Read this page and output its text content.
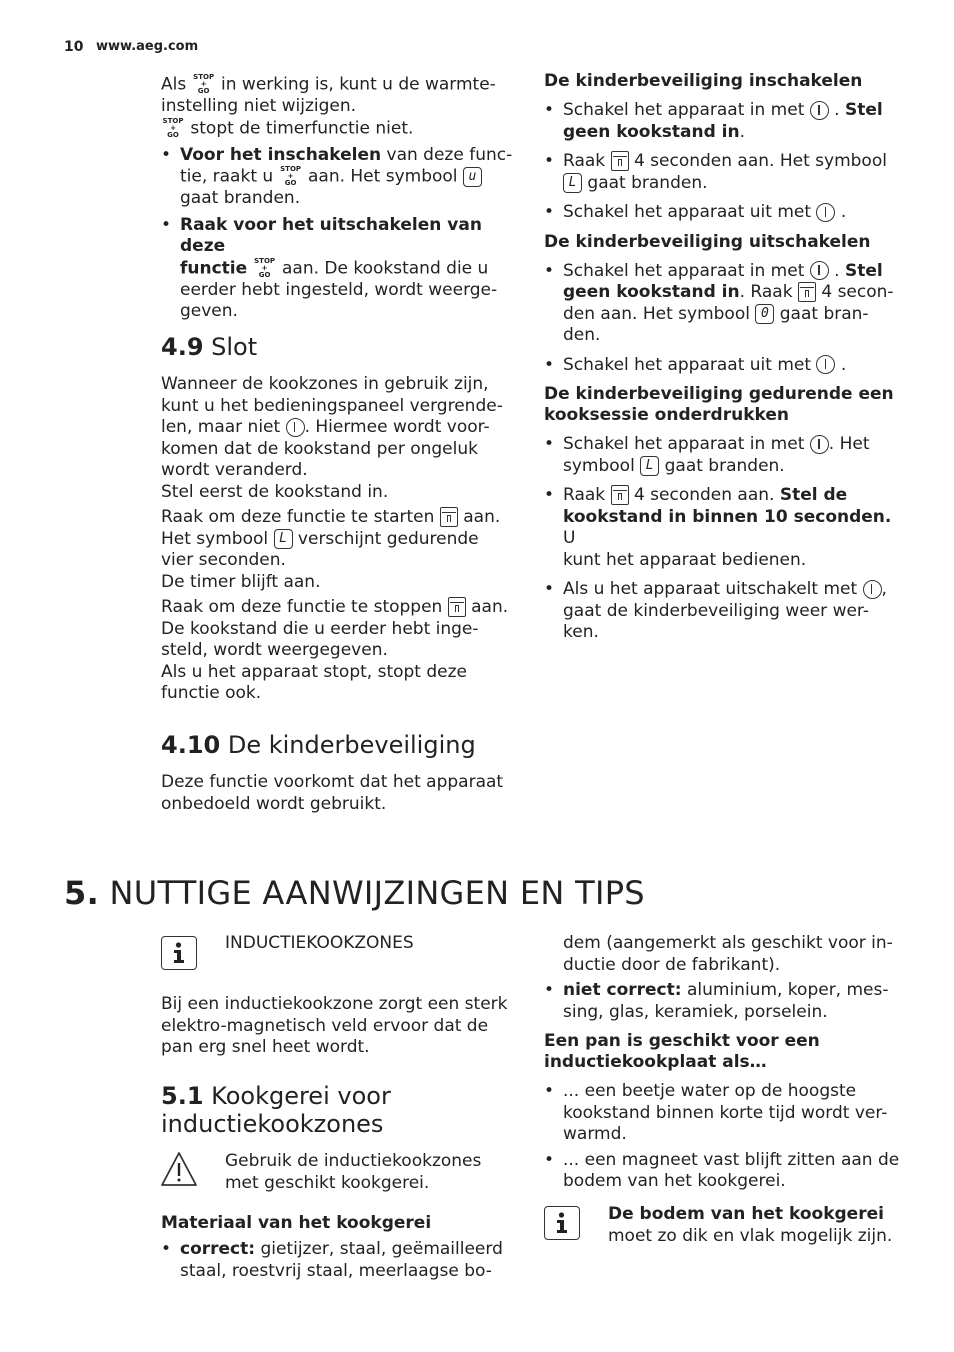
10 www.aeg.com

Als STOP
+
GO in werking is, kunt u de warmte-

instelling niet wijzigen.

STOP
+
GO stopt de timerfunctie niet.

• Voor het inschakelen van deze func-
tie, raakt u STOP
+
GO aan. Het symbool u
gaat branden.
• Raak voor het uitschakelen van deze
functie STOP
+
GO aan. De kookstand die u
eerder hebt ingesteld, wordt weerge-
geven.
4.9 Slot

Wanneer de kookzones in gebruik zijn,

kunt u het bedieningspaneel vergrende-

len, maar niet . Hiermee wordt voor-

komen dat de kookstand per ongeluk

wordt veranderd.

Stel eerst de kookstand in.

Raak om deze functie te starten aan.

Het symbool L verschijnt gedurende

vier seconden.

De timer blijft aan.

Raak om deze functie te stoppen aan.

De kookstand die u eerder hebt inge-

steld, wordt weergegeven.

Als u het apparaat stopt, stopt deze

functie ook.

4.10 De kinderbeveiliging

Deze functie voorkomt dat het apparaat

onbedoeld wordt gebruikt.

De kinderbeveiliging inschakelen
• Schakel het apparaat in met . Stel
geen kookstand in.
• Raak 4 seconden aan. Het symbool
L gaat branden.
• Schakel het apparaat uit met .
De kinderbeveiliging uitschakelen
• Schakel het apparaat in met . Stel
geen kookstand in. Raak 4 secon-
den aan. Het symbool 0 gaat bran-
den.
• Schakel het apparaat uit met .
De kinderbeveiliging gedurende een
kooksessie onderdrukken
• Schakel het apparaat in met . Het
symbool L gaat branden.
• Raak 4 seconden aan. Stel de
kookstand in binnen 10 seconden. U
kunt het apparaat bedienen.
• Als u het apparaat uitschakelt met ,
gaat de kinderbeveiliging weer wer-
ken.
5. NUTTIGE AANWIJZINGEN EN TIPS
INDUCTIEKOOKZONES

Bij een inductiekookzone zorgt een sterk

elektro-magnetisch veld ervoor dat de

pan erg snel heet wordt.

5.1 Kookgerei voor
inductiekookzones

Gebruik de inductiekookzones

met geschikt kookgerei.

Materiaal van het kookgerei
• correct: gietijzer, staal, geëmailleerd
staal, roestvrij staal, meerlaagse bo-
dem (aangemerkt als geschikt voor in-
ductie door de fabrikant).
• niet correct: aluminium, koper, mes-
sing, glas, keramiek, porselein.
Een pan is geschikt voor een
inductiekookplaat als…
• ... een beetje water op de hoogste
kookstand binnen korte tijd wordt ver-
warmd.
• ... een magneet vast blijft zitten aan de
bodem van het kookgerei.

De bodem van het kookgerei

moet zo dik en vlak mogelijk zijn.
